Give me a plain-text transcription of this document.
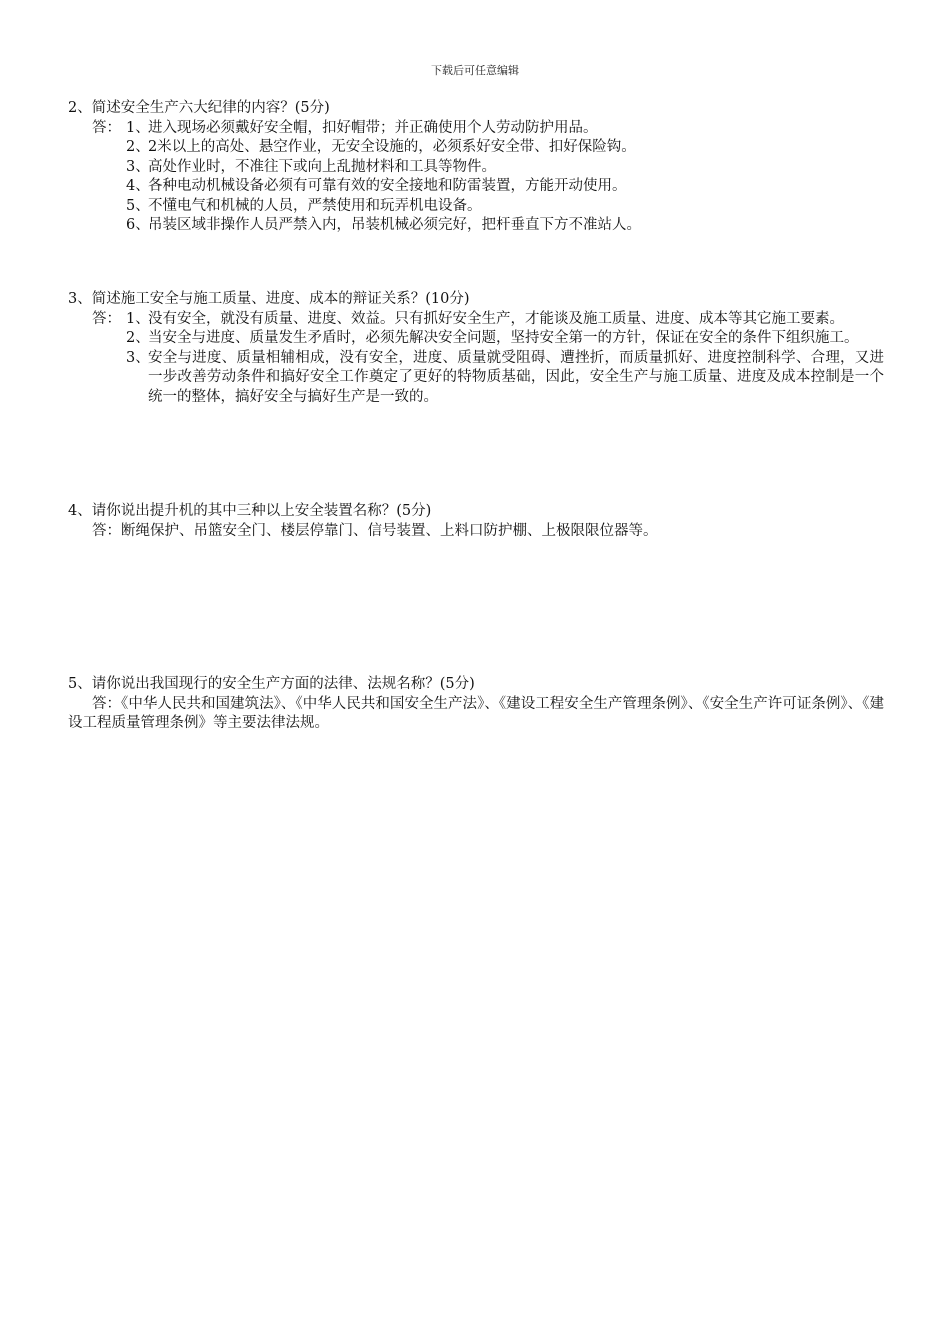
下载后可任意编辑
2、简述安全生产六大纪律的内容？(5分)
答： 1、
进入现场必须戴好安全帽，扣好帽带；并正确使用个人劳动防护用品。
2、
2米以上的高处、悬空作业，无安全设施的，必须系好安全带、扣好保险钩。
3、
高处作业时，不准往下或向上乱抛材料和工具等物件。
4、
各种电动机械设备必须有可靠有效的安全接地和防雷装置，方能开动使用。
5、
不懂电气和机械的人员，严禁使用和玩弄机电设备。
6、
吊装区域非操作人员严禁入内，吊装机械必须完好，把杆垂直下方不准站人。
3、简述施工安全与施工质量、进度、成本的辩证关系？(10分)
答： 1、
没有安全，就没有质量、进度、效益。只有抓好安全生产，才能谈及施工质量、进度、成本等其它施工要素。
2、
当安全与进度、质量发生矛盾时，必须先解决安全问题，坚持安全第一的方针，保证在安全的条件下组织施工。
3、
安全与进度、质量相辅相成，没有安全，进度、质量就受阻碍、遭挫折，而质量抓好、进度控制科学、合理，又进一步改善劳动条件和搞好安全工作奠定了更好的特物质基础，因此，安全生产与施工质量、进度及成本控制是一个统一的整体，搞好安全与搞好生产是一致的。
4、请你说出提升机的其中三种以上安全装置名称？(5分)
答：断绳保护、吊篮安全门、楼层停靠门、信号装置、上料口防护棚、上极限限位器等。
5、请你说出我国现行的安全生产方面的法律、法规名称？(5分)
答：《中华人民共和国建筑法》、《中华人民共和国安全生产法》、《建设工程安全生产管理条例》、《安全生产许可证条例》、《建设工程质量管理条例》等主要法律法规。
